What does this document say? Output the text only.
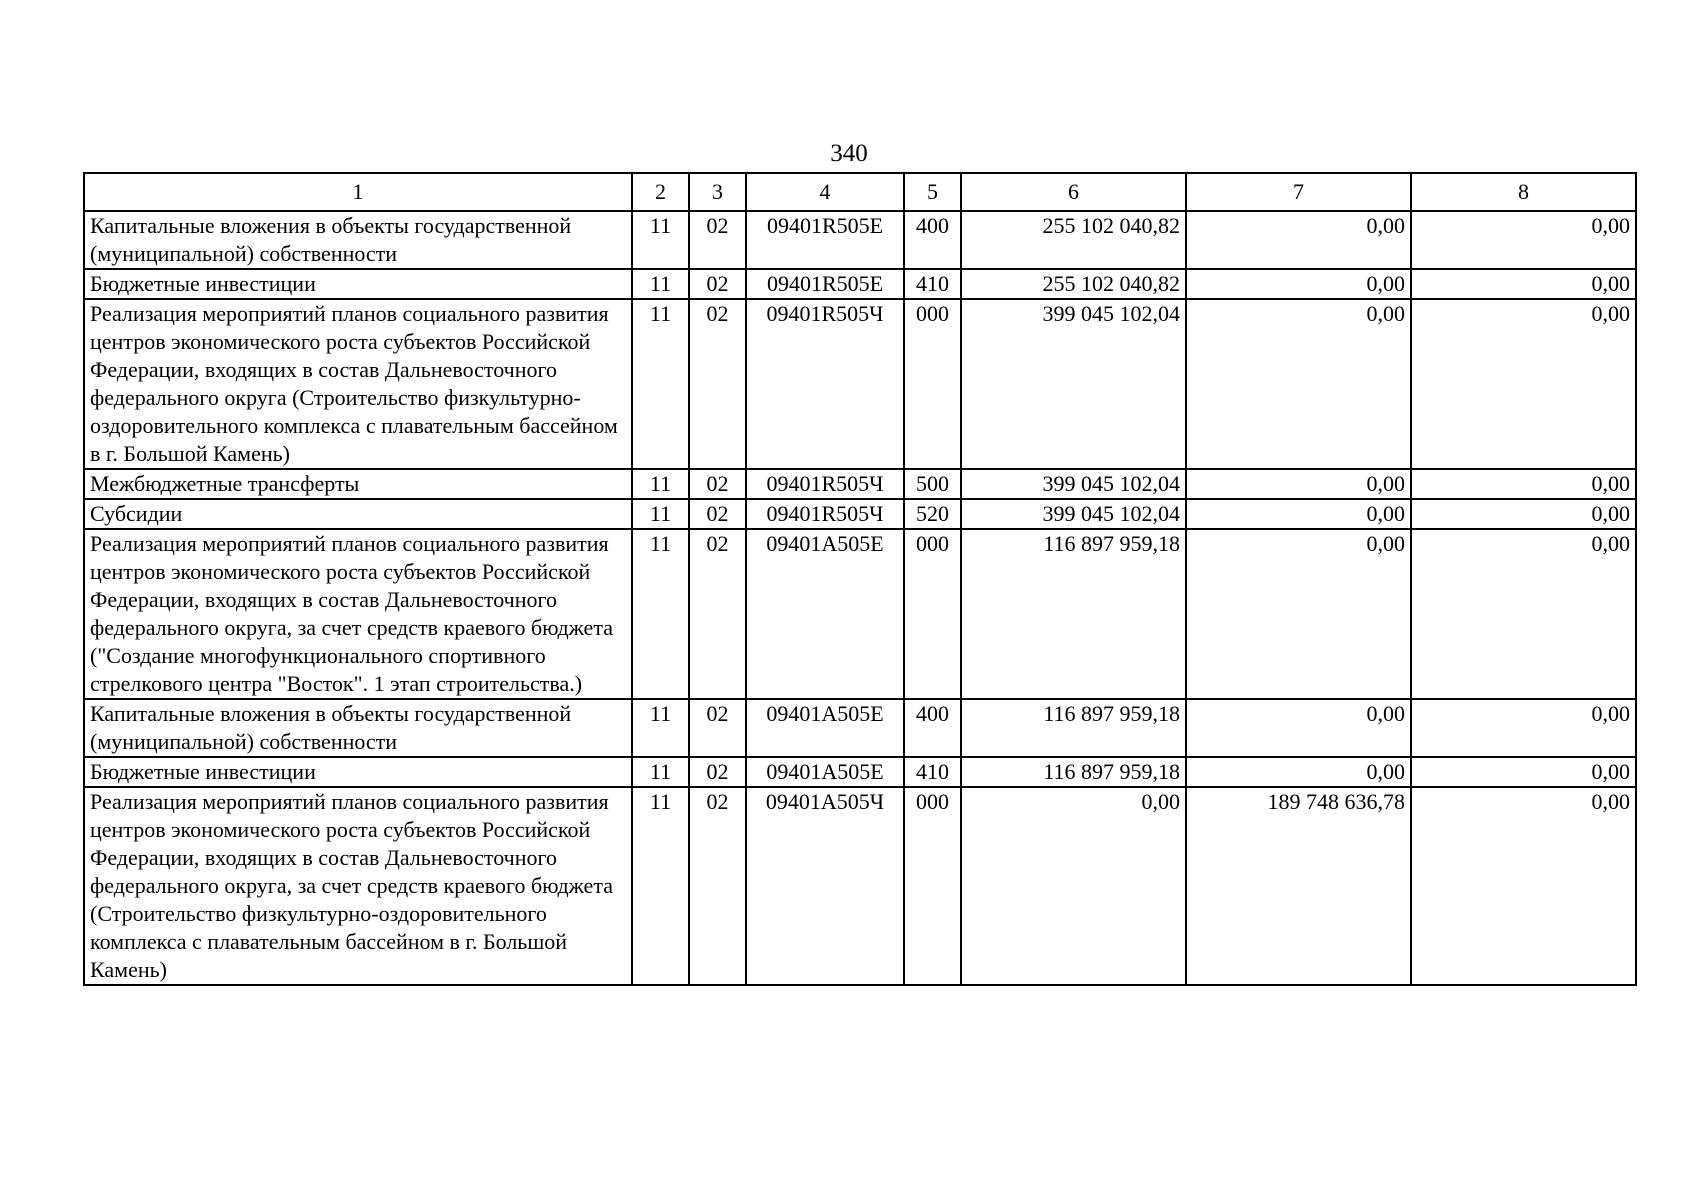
340
1	2	3	4	5	6	7	8
Капитальные вложения в объекты государственной (муниципальной) собственности	11	02	09401R505E	400	255 102 040,82	0,00	0,00
Бюджетные инвестиции	11	02	09401R505E	410	255 102 040,82	0,00	0,00
Реализация мероприятий планов социального развития центров экономического роста субъектов Российской Федерации, входящих в состав Дальневосточного федерального округа (Строительство физкультурно-оздоровительного комплекса с плавательным бассейном в г. Большой Камень)	11	02	09401R505Ч	000	399 045 102,04	0,00	0,00
Межбюджетные трансферты	11	02	09401R505Ч	500	399 045 102,04	0,00	0,00
Субсидии	11	02	09401R505Ч	520	399 045 102,04	0,00	0,00
Реализация мероприятий планов социального развития центров экономического роста субъектов Российской Федерации, входящих в состав Дальневосточного федерального округа, за счет средств краевого бюджета ("Создание многофункционального спортивного стрелкового центра "Восток". 1 этап строительства.)	11	02	09401A505E	000	116 897 959,18	0,00	0,00
Капитальные вложения в объекты государственной (муниципальной) собственности	11	02	09401A505E	400	116 897 959,18	0,00	0,00
Бюджетные инвестиции	11	02	09401A505E	410	116 897 959,18	0,00	0,00
Реализация мероприятий планов социального развития центров экономического роста субъектов Российской Федерации, входящих в состав Дальневосточного федерального округа, за счет средств краевого бюджета (Строительство физкультурно-оздоровительного комплекса с плавательным бассейном в г. Большой Камень)	11	02	09401A505Ч	000	0,00	189 748 636,78	0,00
